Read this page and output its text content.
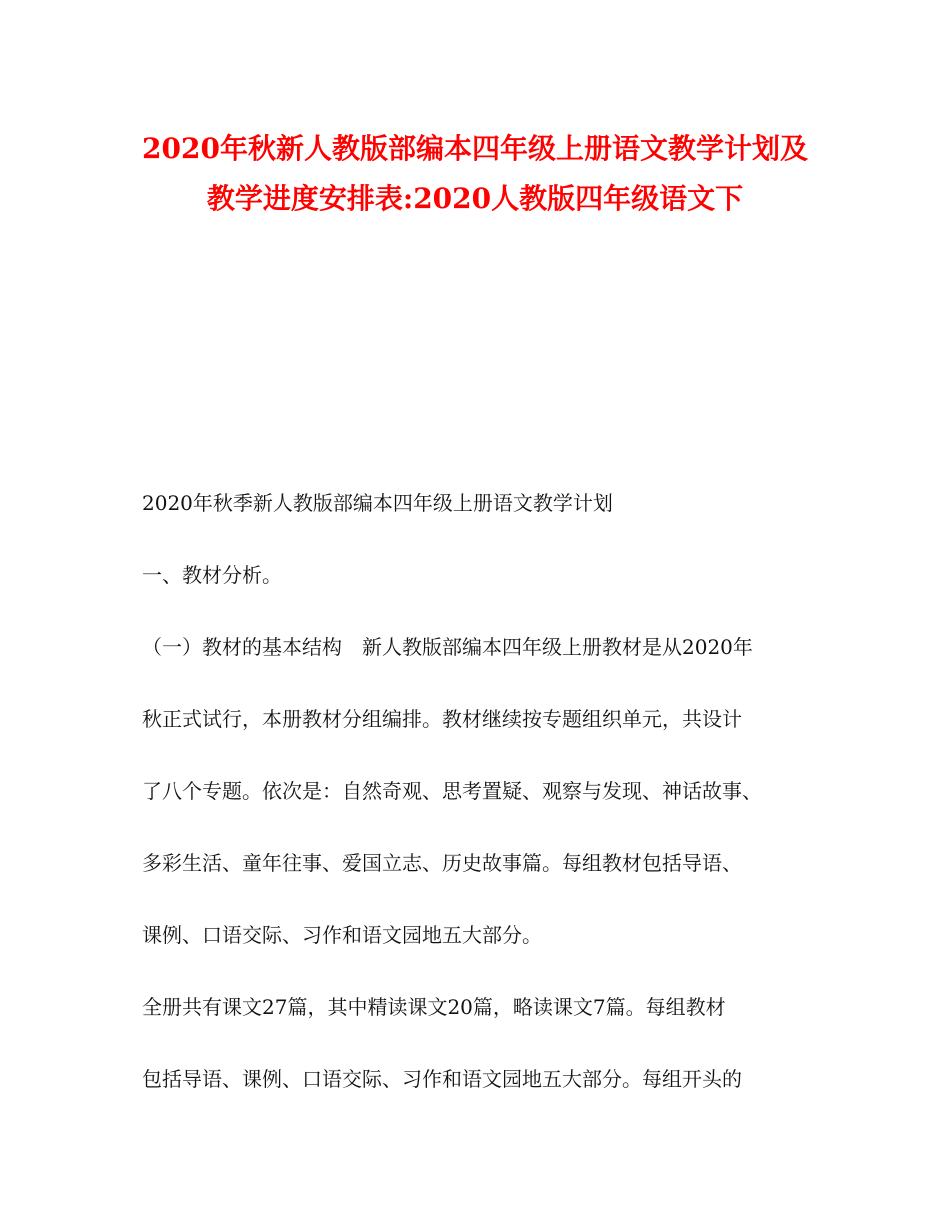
2020年秋新人教版部编本四年级上册语文教学计划及
教学进度安排表:2020人教版四年级语文下
2020年秋季新人教版部编本四年级上册语文教学计划
一、教材分析。
（一）教材的基本结构　新人教版部编本四年级上册教材是从2020年
秋正式试行，本册教材分组编排。教材继续按专题组织单元，共设计
了八个专题。依次是：自然奇观、思考置疑、观察与发现、神话故事、
多彩生活、童年往事、爱国立志、历史故事篇。每组教材包括导语、
课例、口语交际、习作和语文园地五大部分。
全册共有课文27篇，其中精读课文20篇，略读课文7篇。每组教材
包括导语、课例、口语交际、习作和语文园地五大部分。每组开头的
